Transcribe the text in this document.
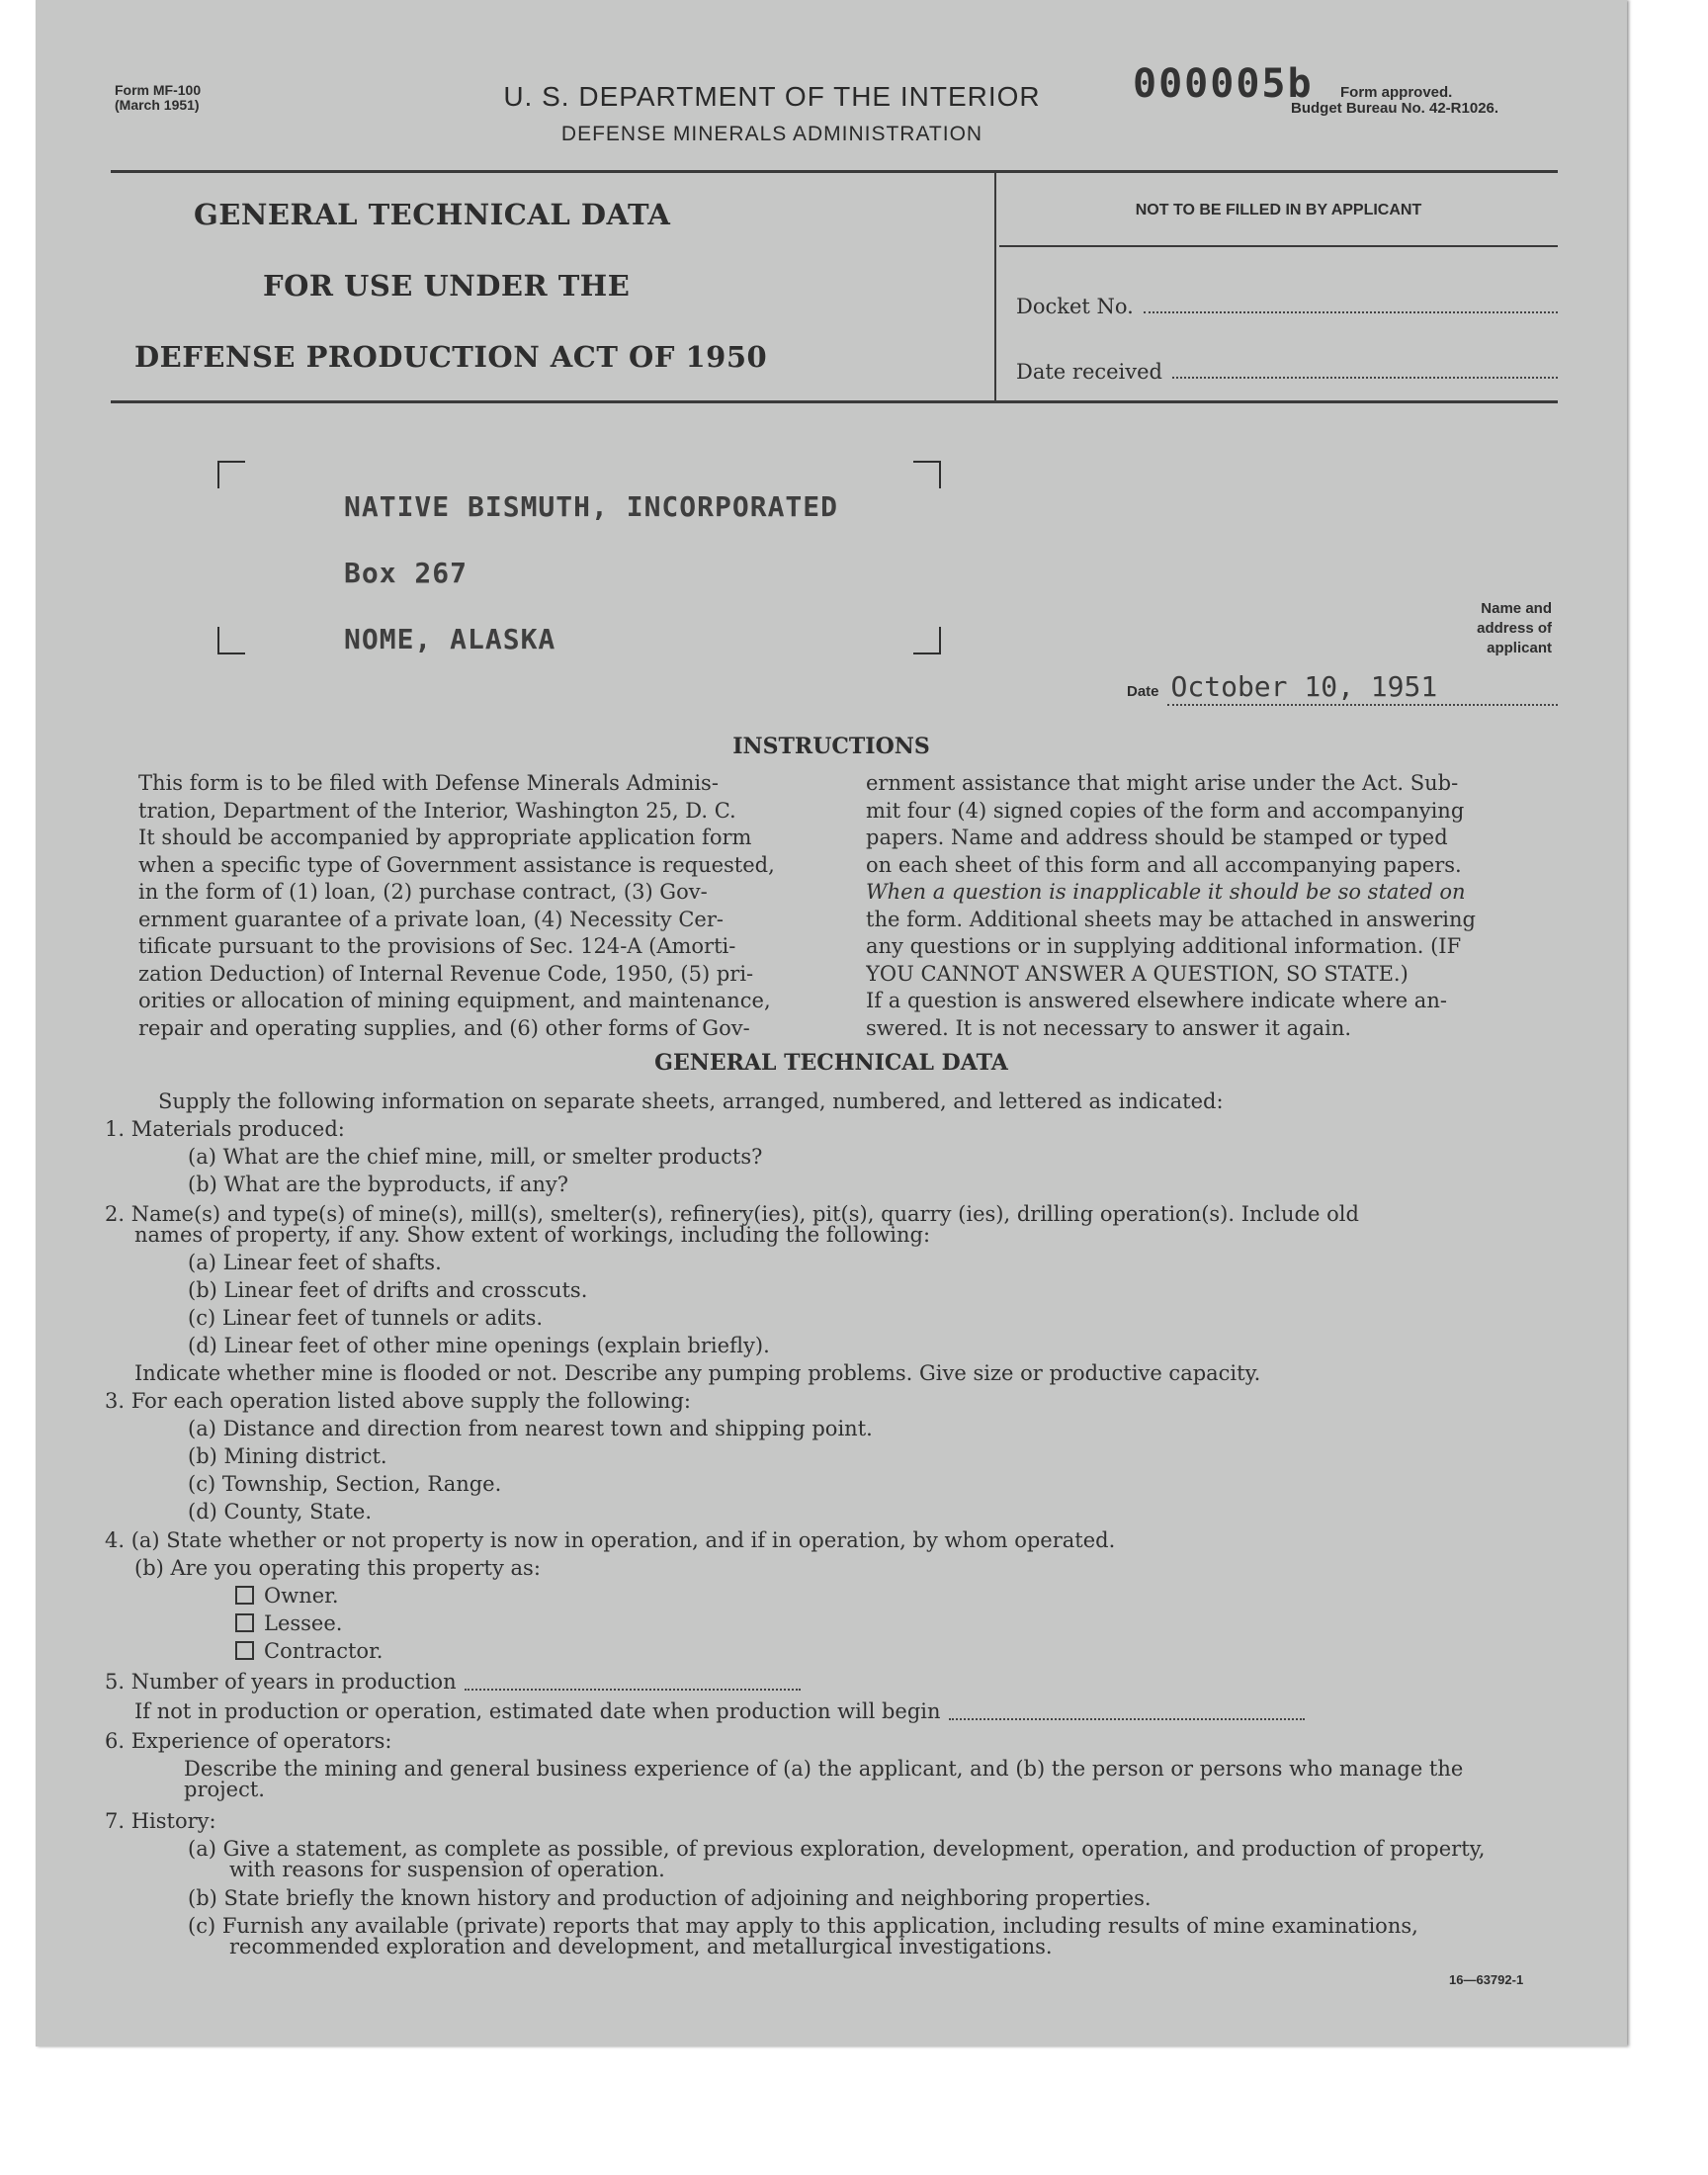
Form MF-100
(March 1951)	U. S. DEPARTMENT OF THE INTERIOR
DEFENSE MINERALS ADMINISTRATION
000005b	Form approved.
Budget Bureau No. 42-R1026.
GENERAL TECHNICAL DATA
FOR USE UNDER THE
DEFENSE PRODUCTION ACT OF 1950
NOT TO BE FILLED IN BY APPLICANT
Docket No.
Date received
NATIVE BISMUTH, INCORPORATED
Box 267
NOME, ALASKA
Name and
address of
applicant
Date October 10, 1951
INSTRUCTIONS
This form is to be filed with Defense Minerals Adminis-
tration, Department of the Interior, Washington 25, D. C.
It should be accompanied by appropriate application form
when a specific type of Government assistance is requested,
in the form of (1) loan, (2) purchase contract, (3) Gov-
ernment guarantee of a private loan, (4) Necessity Cer-
tificate pursuant to the provisions of Sec. 124-A (Amorti-
zation Deduction) of Internal Revenue Code, 1950, (5) pri-
orities or allocation of mining equipment, and maintenance,
repair and operating supplies, and (6) other forms of Gov-
ernment assistance that might arise under the Act. Sub-
mit four (4) signed copies of the form and accompanying
papers. Name and address should be stamped or typed
on each sheet of this form and all accompanying papers.
When a question is inapplicable it should be so stated on
the form. Additional sheets may be attached in answering
any questions or in supplying additional information. (IF
YOU CANNOT ANSWER A QUESTION, SO STATE.)
If a question is answered elsewhere indicate where an-
swered. It is not necessary to answer it again.
GENERAL TECHNICAL DATA
Supply the following information on separate sheets, arranged, numbered, and lettered as indicated:
1. Materials produced:
(a) What are the chief mine, mill, or smelter products?
(b) What are the byproducts, if any?
2. Name(s) and type(s) of mine(s), mill(s), smelter(s), refinery(ies), pit(s), quarry (ies), drilling operation(s). Include old
names of property, if any. Show extent of workings, including the following:
(a) Linear feet of shafts.
(b) Linear feet of drifts and crosscuts.
(c) Linear feet of tunnels or adits.
(d) Linear feet of other mine openings (explain briefly).
Indicate whether mine is flooded or not. Describe any pumping problems. Give size or productive capacity.
3. For each operation listed above supply the following:
(a) Distance and direction from nearest town and shipping point.
(b) Mining district.
(c) Township, Section, Range.
(d) County, State.
4. (a) State whether or not property is now in operation, and if in operation, by whom operated.
(b) Are you operating this property as:
Owner.
Lessee.
Contractor.
5. Number of years in production
If not in production or operation, estimated date when production will begin
6. Experience of operators:
Describe the mining and general business experience of (a) the applicant, and (b) the person or persons who manage the
project.
7. History:
(a) Give a statement, as complete as possible, of previous exploration, development, operation, and production of property,
with reasons for suspension of operation.
(b) State briefly the known history and production of adjoining and neighboring properties.
(c) Furnish any available (private) reports that may apply to this application, including results of mine examinations,
recommended exploration and development, and metallurgical investigations.
16—63792-1
